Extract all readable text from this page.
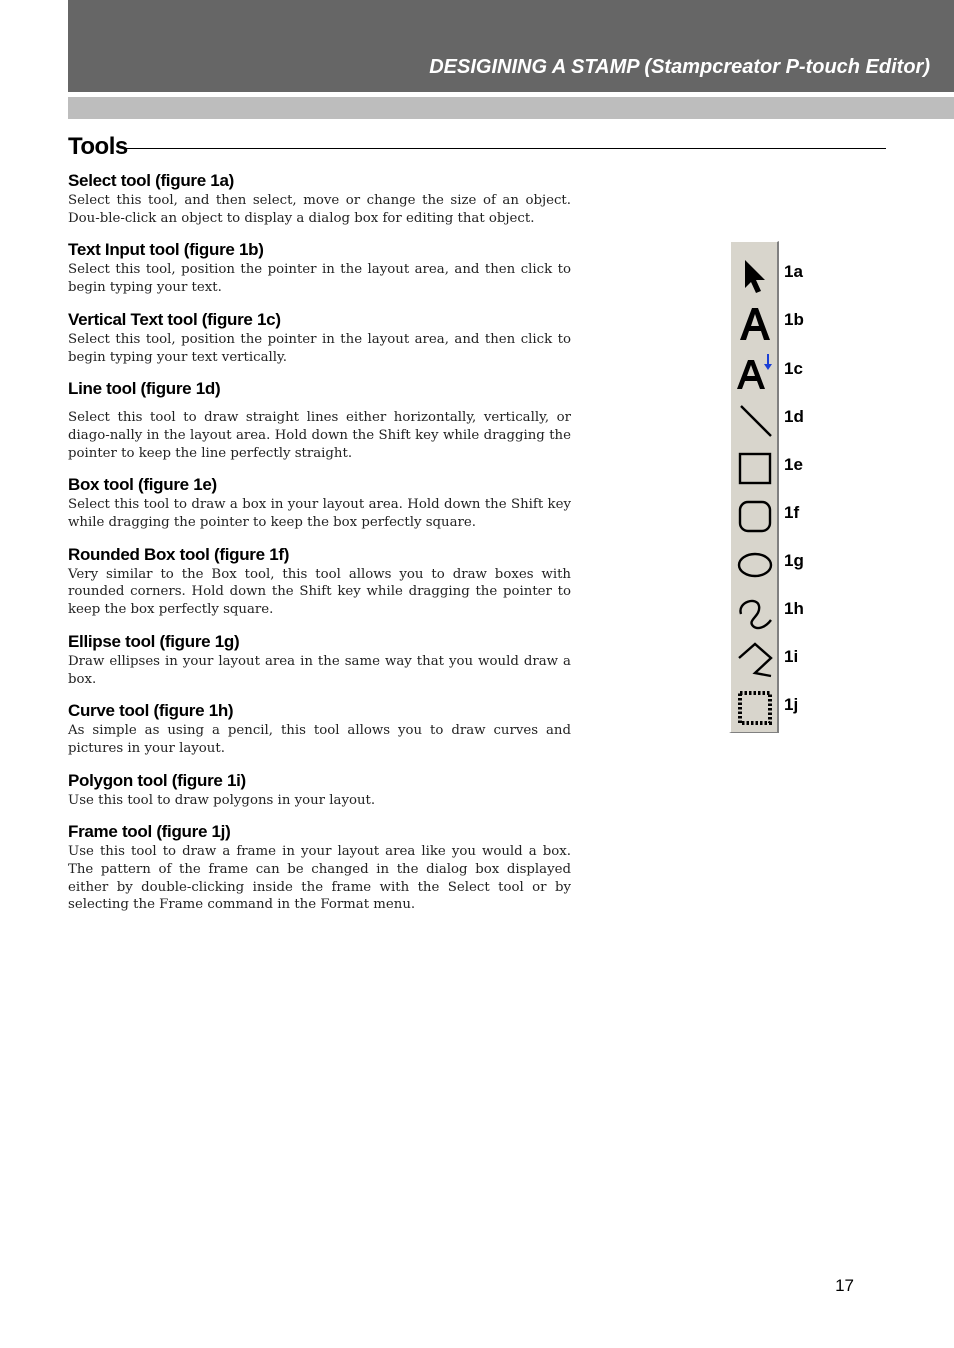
DESIGINING A STAMP (Stampcreator P-touch Editor)
Tools
Select tool (figure 1a)

Select this tool, and then select, move or change the size of an object. Dou-ble-click an object to display a dialog box for editing that object.

Text Input tool (figure 1b)

Select this tool, position the pointer in the layout area, and then click to begin typing your text.

Vertical Text tool (figure 1c)

Select this tool, position the pointer in the layout area, and then click to begin typing your text vertically.

Line tool (figure 1d)

Select this tool to draw straight lines either horizontally, vertically, or diago-nally in the layout area. Hold down the Shift key while dragging the pointer to keep the line perfectly straight.

Box tool (figure 1e)

Select this tool to draw a box in your layout area. Hold down the Shift key while dragging the pointer to keep the box perfectly square.

Rounded Box tool (figure 1f)

Very similar to the Box tool, this tool allows you to draw boxes with rounded corners. Hold down the Shift key while dragging the pointer to keep the box perfectly square.

Ellipse tool (figure 1g)

Draw ellipses in your layout area in the same way that you would draw a box.

Curve tool (figure 1h)

As simple as using a pencil, this tool allows you to draw curves and pictures in your layout.

Polygon tool (figure 1i)

Use this tool to draw polygons in your layout.

Frame tool (figure 1j)

Use this tool to draw a frame in your layout area like you would a box. The pattern of the frame can be changed in the dialog box displayed either by double-clicking inside the frame with the Select tool or by selecting the Frame command in the Format menu.

1a
1b
1c
1d
1e
1f
1g
1h
1i
1j
17
